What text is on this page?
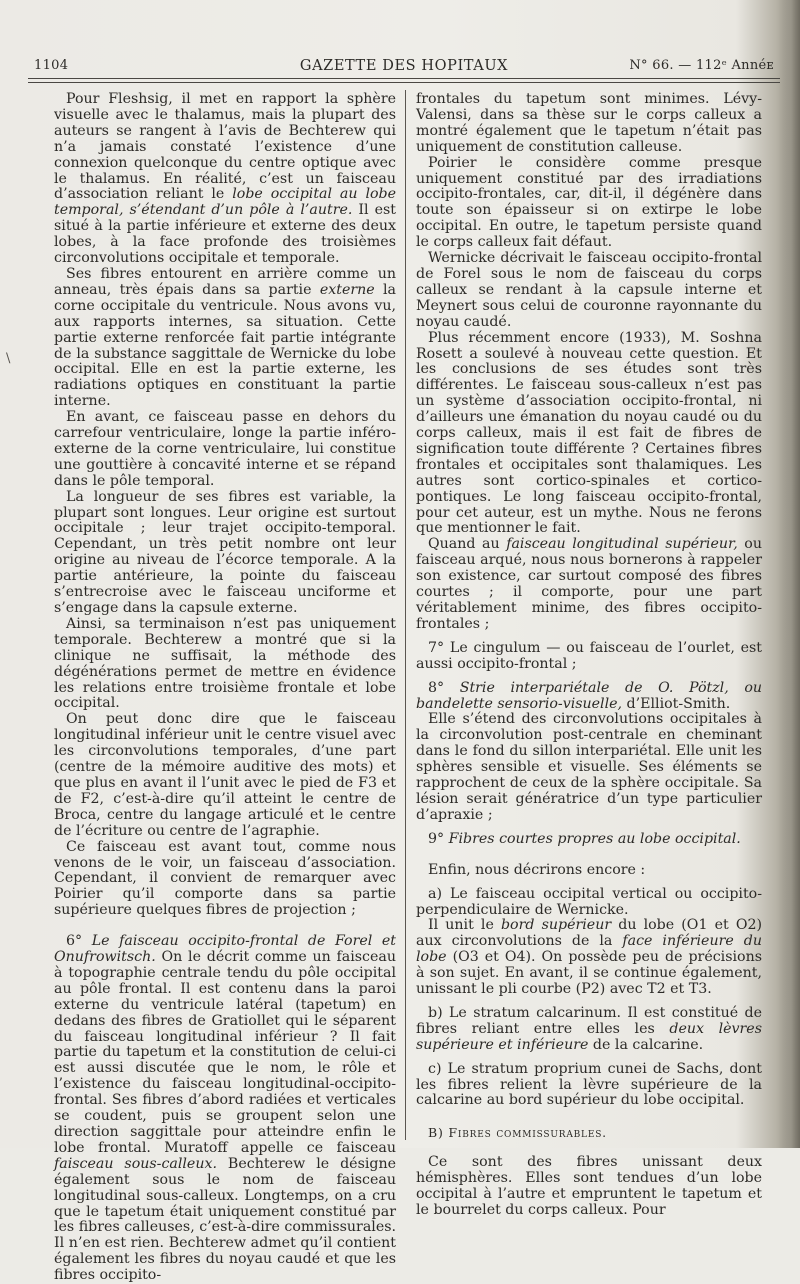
1104	GAZETTE DES HOPITAUX	N° 66. — 112ᵉ Annéᴇ
\

Pour Fleshsig, il met en rapport la sphère visuelle avec le thalamus, mais la plupart des auteurs se rangent à l’avis de Bechterew qui n’a jamais constaté l’existence d’une connexion quelconque du centre optique avec le thalamus. En réalité, c’est un faisceau d’association reliant le lobe occipital au lobe temporal, s’étendant d’un pôle à l’autre. Il est situé à la partie inférieure et externe des deux lobes, à la face profonde des troisièmes circonvolutions occipitale et temporale.

Ses fibres entourent en arrière comme un anneau, très épais dans sa partie externe la corne occipitale du ventricule. Nous avons vu, aux rapports internes, sa situation. Cette partie externe renforcée fait partie intégrante de la substance saggittale de Wernicke du lobe occipital. Elle en est la partie externe, les radiations optiques en constituant la partie interne.

En avant, ce faisceau passe en dehors du carrefour ventriculaire, longe la partie inféro-externe de la corne ventriculaire, lui constitue une gouttière à concavité interne et se répand dans le pôle temporal.

La longueur de ses fibres est variable, la plupart sont longues. Leur origine est surtout occipitale ; leur trajet occipito-temporal. Cependant, un très petit nombre ont leur origine au niveau de l’écorce temporale. A la partie antérieure, la pointe du faisceau s’entrecroise avec le faisceau unciforme et s’engage dans la capsule externe.

Ainsi, sa terminaison n’est pas uniquement temporale. Bechterew a montré que si la clinique ne suffisait, la méthode des dégénérations permet de mettre en évidence les relations entre troisième frontale et lobe occipital.

On peut donc dire que le faisceau longitudinal inférieur unit le centre visuel avec les circonvolutions temporales, d’une part (centre de la mémoire auditive des mots) et que plus en avant il l’unit avec le pied de F3 et de F2, c’est-à-dire qu’il atteint le centre de Broca, centre du langage articulé et le centre de l’écriture ou centre de l’agraphie.

Ce faisceau est avant tout, comme nous venons de le voir, un faisceau d’association. Cependant, il convient de remarquer avec Poirier qu’il comporte dans sa partie supérieure quelques fibres de projection ;

6° Le faisceau occipito-frontal de Forel et Onufrowitsch. On le décrit comme un faisceau à topographie centrale tendu du pôle occipital au pôle frontal. Il est contenu dans la paroi externe du ventricule latéral (tapetum) en dedans des fibres de Gratiollet qui le séparent du faisceau longitudinal inférieur ? Il fait partie du tapetum et la constitution de celui-ci est aussi discutée que le nom, le rôle et l’existence du faisceau longitudinal-occipito-frontal. Ses fibres d’abord radiées et verticales se coudent, puis se groupent selon une direction saggittale pour atteindre enfin le lobe frontal. Muratoff appelle ce faisceau faisceau sous-calleux. Bechterew le désigne également sous le nom de faisceau longitudinal sous-calleux. Longtemps, on a cru que le tapetum était uniquement constitué par les fibres calleuses, c’est-à-dire commissurales. Il n’en est rien. Bechterew admet qu’il contient également les fibres du noyau caudé et que les fibres occipito-

frontales du tapetum sont minimes. Lévy-Valensi, dans sa thèse sur le corps calleux a montré également que le tapetum n’était pas uniquement de constitution calleuse.

Poirier le considère comme presque uniquement constitué par des irradiations occipito-frontales, car, dit-il, il dégénère dans toute son épaisseur si on extirpe le lobe occipital. En outre, le tapetum persiste quand le corps calleux fait défaut.

Wernicke décrivait le faisceau occipito-frontal de Forel sous le nom de faisceau du corps calleux se rendant à la capsule interne et Meynert sous celui de couronne rayonnante du noyau caudé.

Plus récemment encore (1933), M. Soshna Rosett a soulevé à nouveau cette question. Et les conclusions de ses études sont très différentes. Le faisceau sous-calleux n’est pas un système d’association occipito-frontal, ni d’ailleurs une émanation du noyau caudé ou du corps calleux, mais il est fait de fibres de signification toute différente ? Certaines fibres frontales et occipitales sont thalamiques. Les autres sont cortico-spinales et cortico-pontiques. Le long faisceau occipito-frontal, pour cet auteur, est un mythe. Nous ne ferons que mentionner le fait.

Quand au faisceau longitudinal supérieur, ou faisceau arqué, nous nous bornerons à rappeler son existence, car surtout composé des fibres courtes ; il comporte, pour une part véritablement minime, des fibres occipito-frontales ;

7° Le cingulum — ou faisceau de l’ourlet, est aussi occipito-frontal ;

8° Strie interpariétale de O. Pötzl, ou bandelette sensorio-visuelle, d’Elliot-Smith.

Elle s’étend des circonvolutions occipitales à la circonvolution post-centrale en cheminant dans le fond du sillon interpariétal. Elle unit les sphères sensible et visuelle. Ses éléments se rapprochent de ceux de la sphère occipitale. Sa lésion serait génératrice d’un type particulier d’apraxie ;

9° Fibres courtes propres au lobe occipital.

Enfin, nous décrirons encore :

a) Le faisceau occipital vertical ou occipito-perpendiculaire de Wernicke.

Il unit le bord supérieur du lobe (O1 et O2) aux circonvolutions de la face inférieure du lobe (O3 et O4). On possède peu de précisions à son sujet. En avant, il se continue également, unissant le pli courbe (P2) avec T2 et T3.

b) Le stratum calcarinum. Il est constitué de fibres reliant entre elles les deux lèvres supérieure et inférieure de la calcarine.

c) Le stratum proprium cunei de Sachs, dont les fibres relient la lèvre supérieure de la calcarine au bord supérieur du lobe occipital.

B) Fibres commissurables.

Ce sont des fibres unissant deux hémisphères. Elles sont tendues d’un lobe occipital à l’autre et empruntent le tapetum et le bourrelet du corps calleux. Pour
